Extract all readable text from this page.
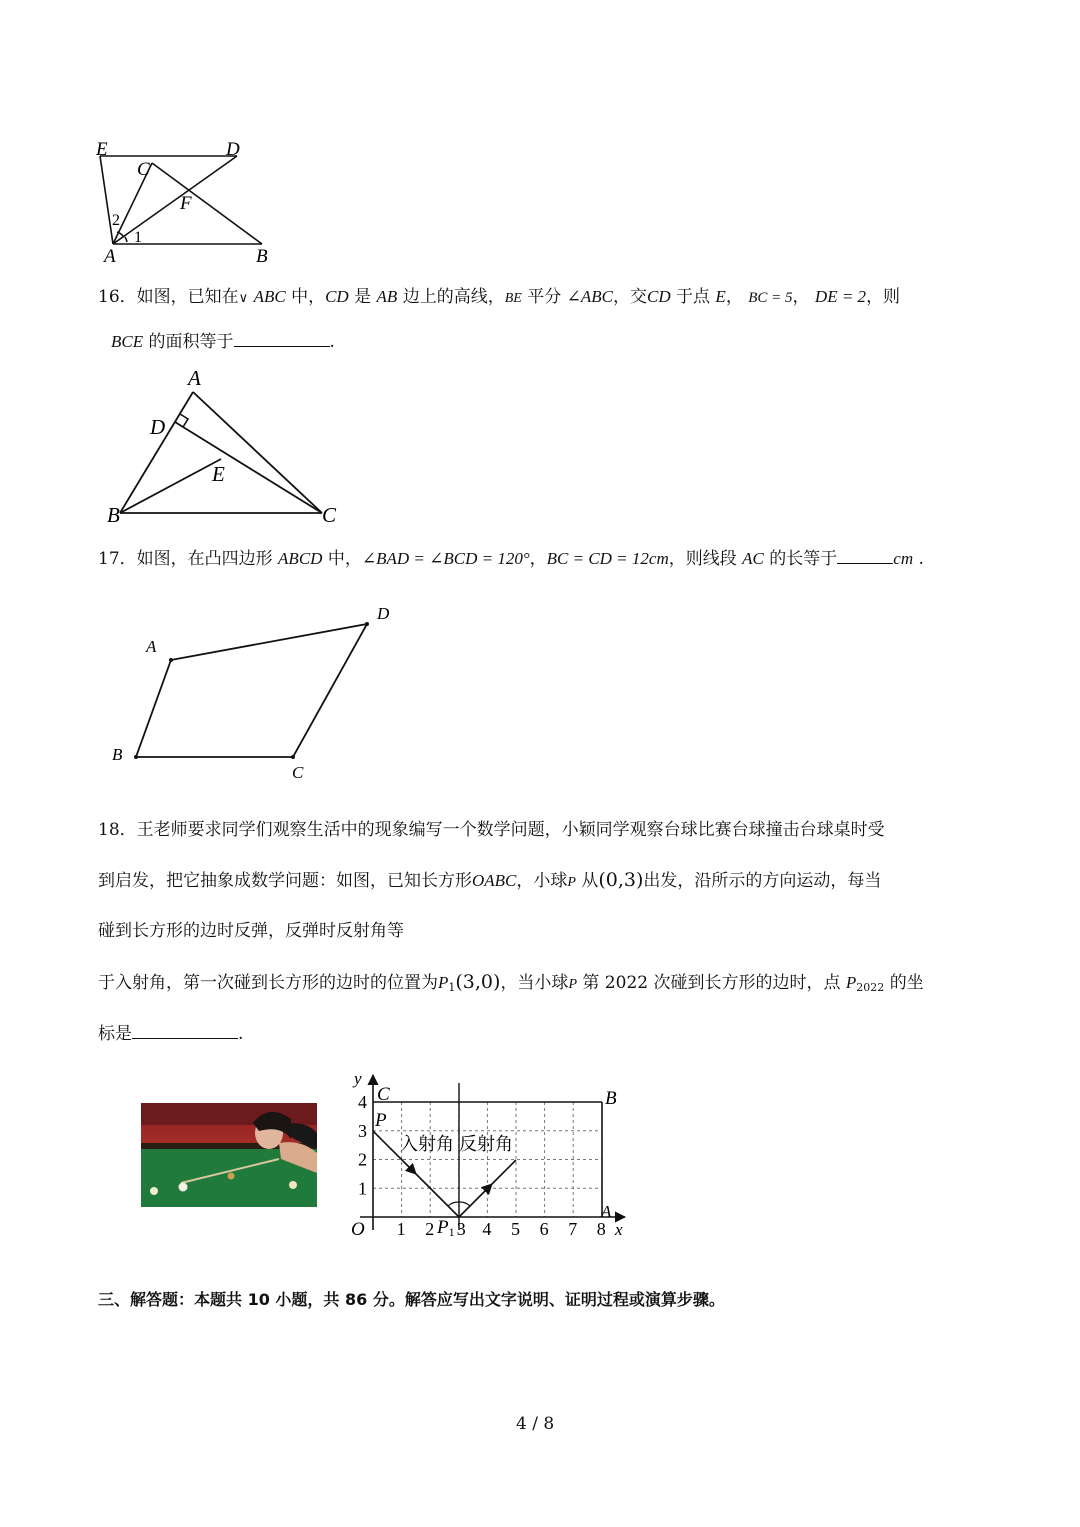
E	D
C
F
A	B
2
1
16．如图，已知在∨ ABC 中，CD 是 AB 边上的高线，BE 平分 ∠ABC，交CD 于点 E， BC = 5， DE = 2，则
BCE 的面积等于	.
A
D
E
B	C
17．如图，在凸四边形 ABCD 中，∠BAD = ∠BCD = 120°，BC = CD = 12cm，则线段 AC 的长等于	cm .
A
D
B
C
18．王老师要求同学们观察生活中的现象编写一个数学问题，小颖同学观察台球比赛台球撞击台球桌时受
到启发，把它抽象成数学问题：如图，已知长方形OABC，小球P 从(0,3)出发，沿所示的方向运动，每当
碰到长方形的边时反弹，反弹时反射角等
于入射角，第一次碰到长方形的边时的位置为$P_1(3,0)$，当小球P 第 2022 次碰到长方形的边时，点 $P_{2022}$ 的坐
标是	.
1 2	4 5 6 7 8
3
1
2
3
4
y
x
O
C	B
A
P
P1
入射角 反射角
三、解答题：本题共 10 小题，共 86 分。解答应写出文字说明、证明过程或演算步骤。
4 / 8
